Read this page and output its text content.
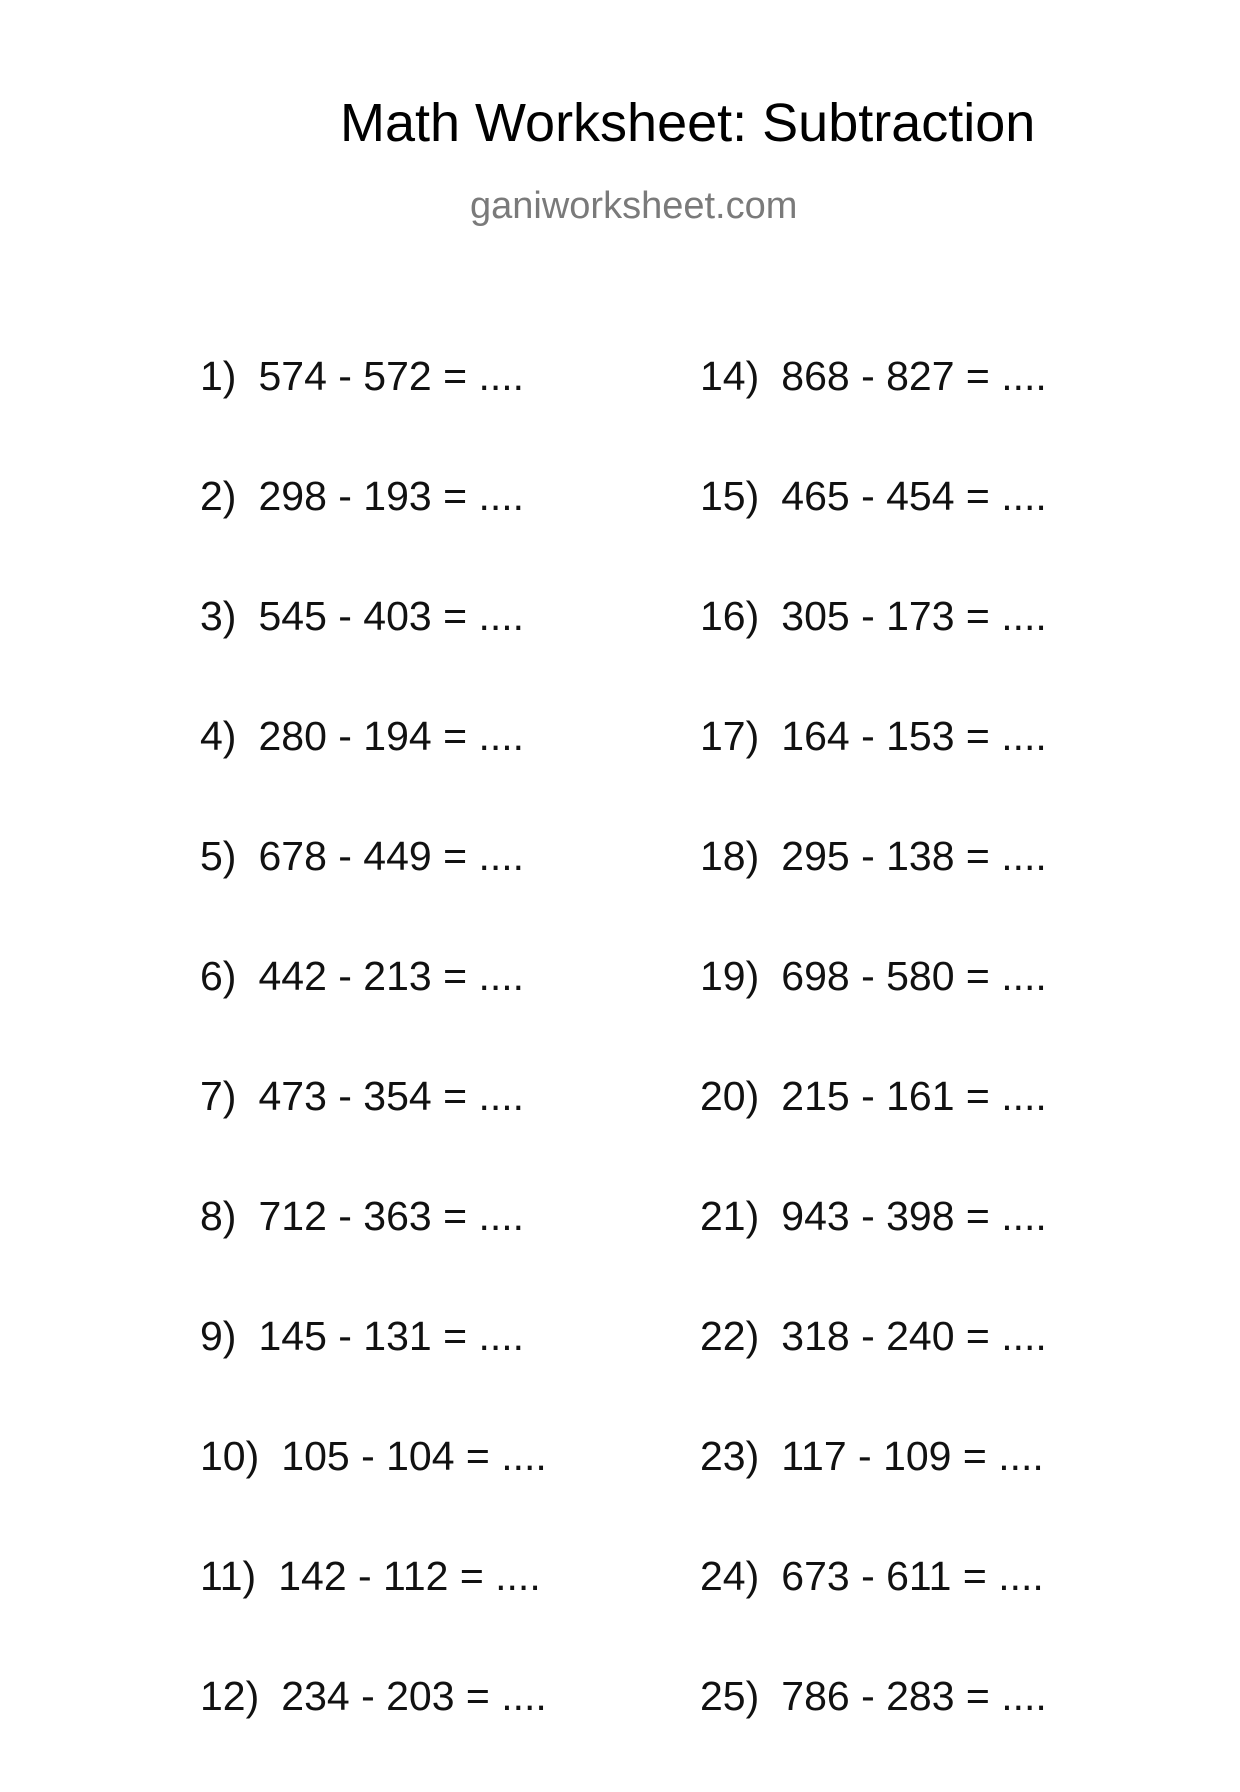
Math Worksheet: Subtraction
ganiworksheet.com
1) 574 - 572 = ....
2) 298 - 193 = ....
3) 545 - 403 = ....
4) 280 - 194 = ....
5) 678 - 449 = ....
6) 442 - 213 = ....
7) 473 - 354 = ....
8) 712 - 363 = ....
9) 145 - 131 = ....
10) 105 - 104 = ....
11) 142 - 112 = ....
12) 234 - 203 = ....
14) 868 - 827 = ....
15) 465 - 454 = ....
16) 305 - 173 = ....
17) 164 - 153 = ....
18) 295 - 138 = ....
19) 698 - 580 = ....
20) 215 - 161 = ....
21) 943 - 398 = ....
22) 318 - 240 = ....
23) 117 - 109 = ....
24) 673 - 611 = ....
25) 786 - 283 = ....
